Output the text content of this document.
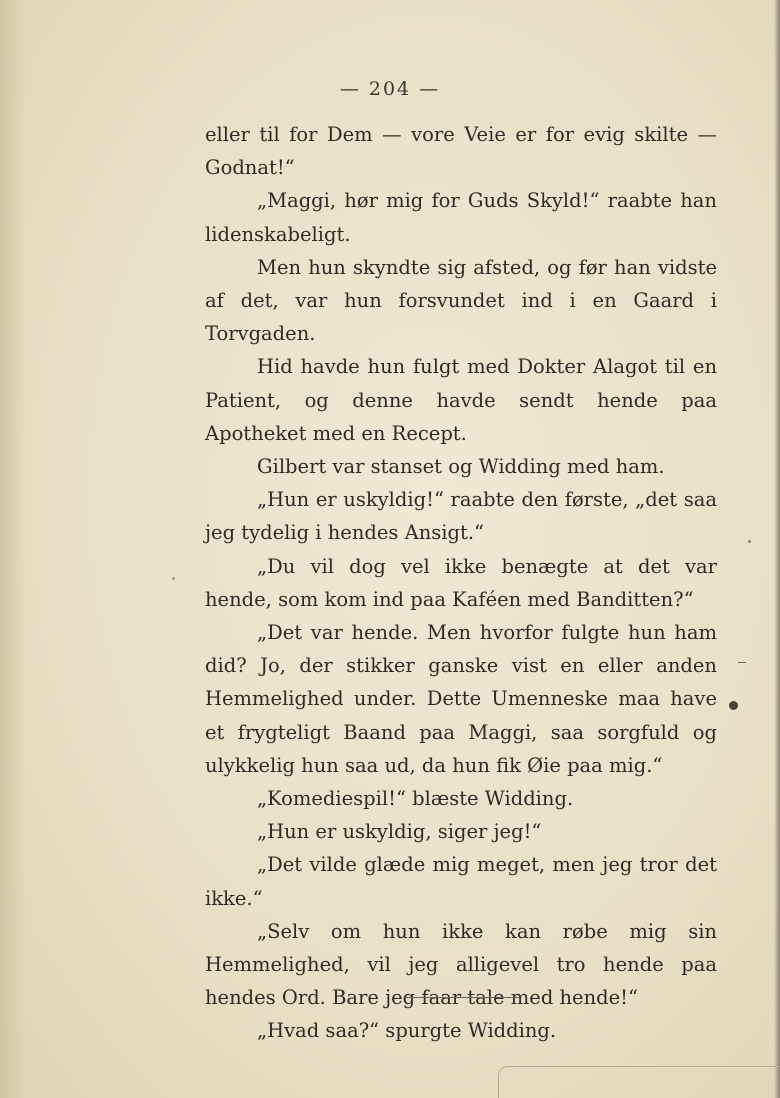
— 204 —

eller til for Dem — vore Veie er for evig skilte — Godnat!“

„Maggi, hør mig for Guds Skyld!“ raabte han lidenskabeligt.

Men hun skyndte sig afsted, og før han vidste af det, var hun forsvundet ind i en Gaard i Torvgaden.

Hid havde hun fulgt med Dokter Alagot til en Patient, og denne havde sendt hende paa Apotheket med en Recept.

Gilbert var stanset og Widding med ham.

„Hun er uskyldig!“ raabte den første, „det saa jeg tydelig i hendes Ansigt.“

„Du vil dog vel ikke benægte at det var hende, som kom ind paa Kaféen med Banditten?“

„Det var hende. Men hvorfor fulgte hun ham did? Jo, der stikker ganske vist en eller anden Hemmelighed under. Dette Umenneske maa have et frygteligt Baand paa Maggi, saa sorgfuld og ulykkelig hun saa ud, da hun fik Øie paa mig.“

„Komediespil!“ blæste Widding.

„Hun er uskyldig, siger jeg!“

„Det vilde glæde mig meget, men jeg tror det ikke.“

„Selv om hun ikke kan røbe mig sin Hemmelighed, vil jeg alligevel tro hende paa hendes Ord. Bare jeg faar tale med hende!“

„Hvad saa?“ spurgte Widding.
